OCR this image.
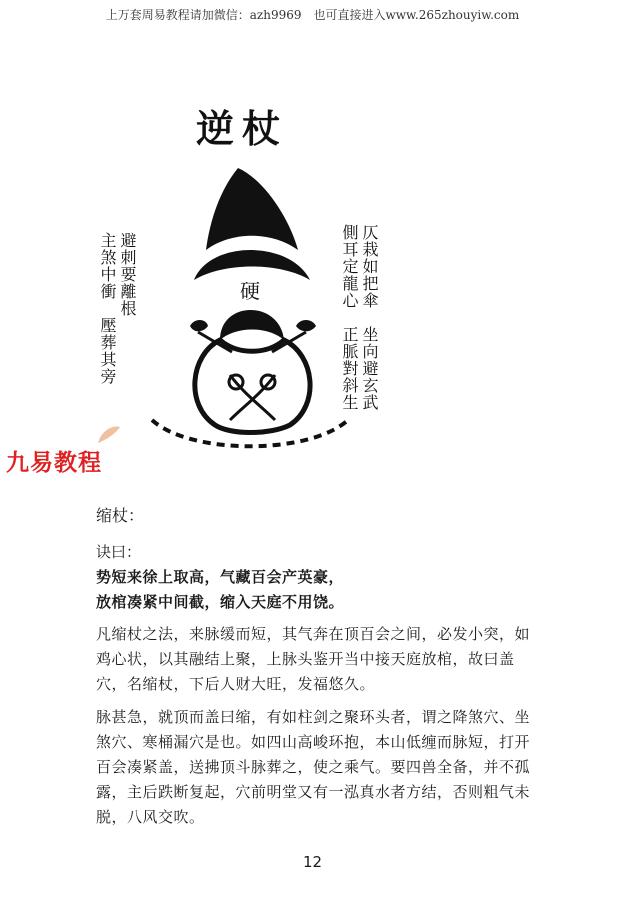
上万套周易教程请加微信：azh9969　也可直接进入www.265zhouyiw.com
逆杖
避刺要離根
主煞中衝　壓葬其旁	仄栽如把傘　坐向避玄武
側耳定龍心　正脈對斜生
急
硬
九易教程
缩杖：
诀曰：
势短来徐上取高，气藏百会产英豪，
放棺凑紧中间截，缩入天庭不用饶。
凡缩杖之法，来脉缓而短，其气奔在顶百会之间，必发小突，如鸡心状，以其融结上聚，上脉头鉴开当中接天庭放棺，故曰盖穴，名缩杖，下后人财大旺，发福悠久。
脉甚急，就顶而盖曰缩，有如柱剑之聚环头者，谓之降煞穴、坐煞穴、寒桶漏穴是也。如四山高峻环抱，本山低缠而脉短，打开百会凑紧盖，送拂顶斗脉葬之，使之乘气。要四兽全备，并不孤露，主后跌断复起，穴前明堂又有一泓真水者方结，否则粗气未脱，八风交吹。
12
